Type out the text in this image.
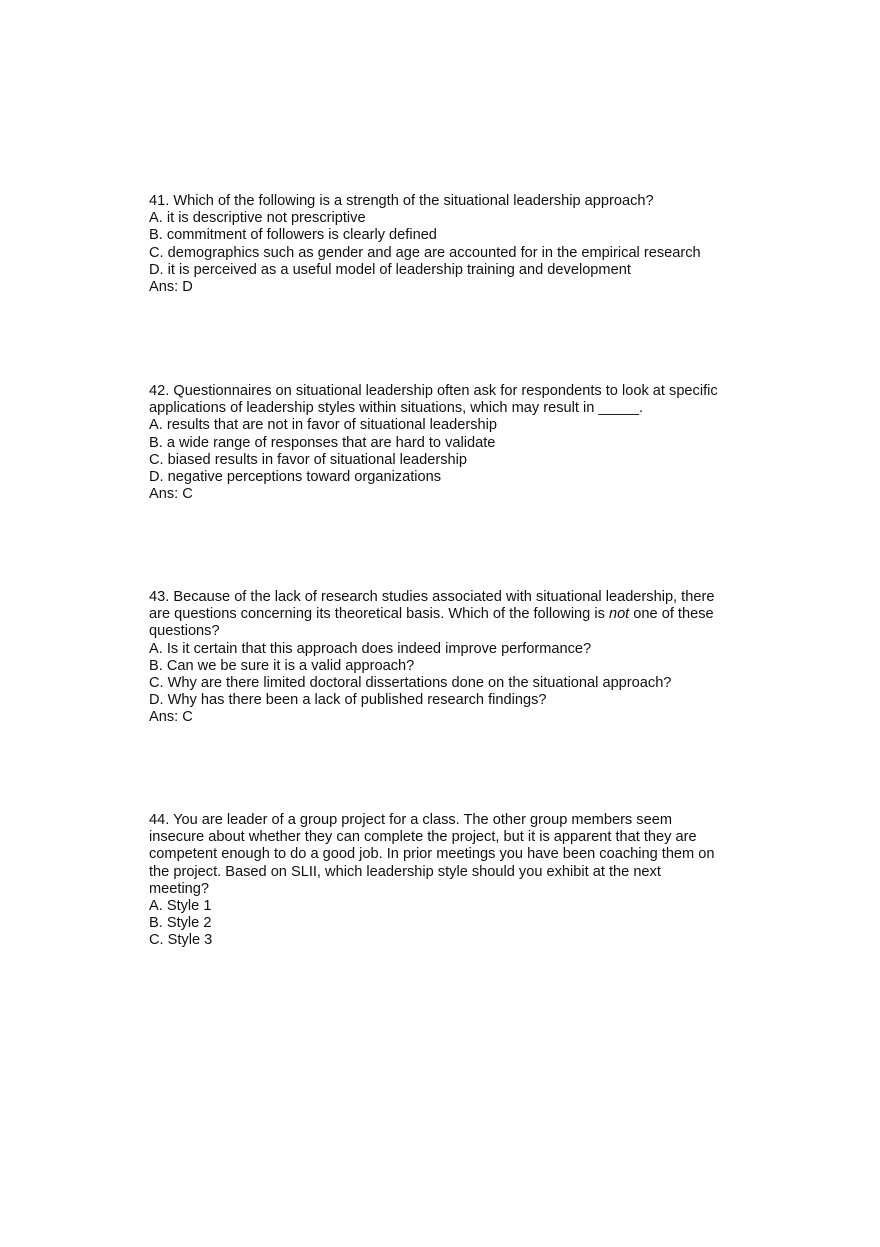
41. Which of the following is a strength of the situational leadership approach?
A. it is descriptive not prescriptive
B. commitment of followers is clearly defined
C. demographics such as gender and age are accounted for in the empirical research
D. it is perceived as a useful model of leadership training and development
Ans: D
42. Questionnaires on situational leadership often ask for respondents to look at specific
applications of leadership styles within situations, which may result in _____.
A. results that are not in favor of situational leadership
B. a wide range of responses that are hard to validate
C. biased results in favor of situational leadership
D. negative perceptions toward organizations
Ans: C
43. Because of the lack of research studies associated with situational leadership, there
are questions concerning its theoretical basis. Which of the following is not one of these
questions?
A. Is it certain that this approach does indeed improve performance?
B. Can we be sure it is a valid approach?
C. Why are there limited doctoral dissertations done on the situational approach?
D. Why has there been a lack of published research findings?
Ans: C
44. You are leader of a group project for a class. The other group members seem
insecure about whether they can complete the project, but it is apparent that they are
competent enough to do a good job. In prior meetings you have been coaching them on
the project. Based on SLII, which leadership style should you exhibit at the next
meeting?
A. Style 1
B. Style 2
C. Style 3
